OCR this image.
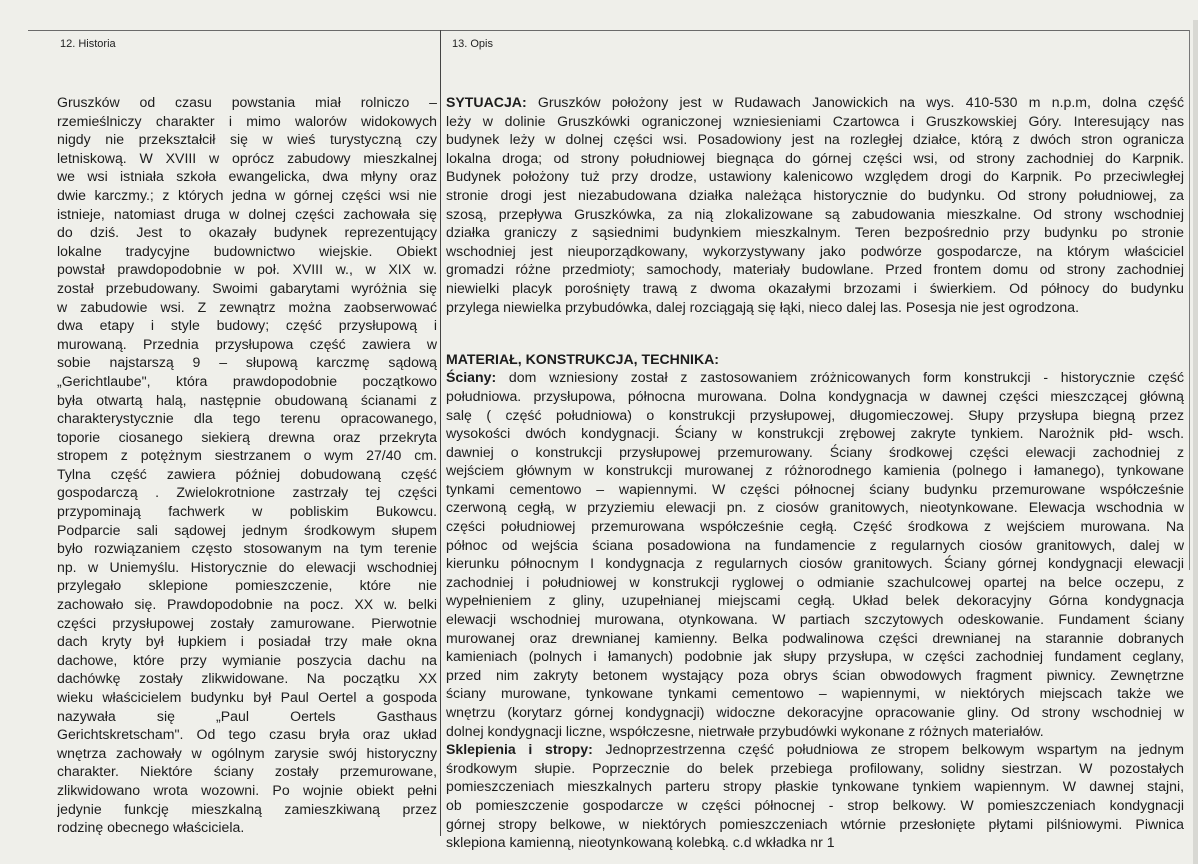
12. Historia	13. Opis
Gruszków od czasu powstania miał rolniczo –
rzemieślniczy charakter i mimo walorów widokowych
nigdy nie przekształcił się w wieś turystyczną czy
letniskową. W XVIII w oprócz zabudowy mieszkalnej
we wsi istniała szkoła ewangelicka, dwa młyny oraz
dwie karczmy.; z których jedna w górnej części wsi nie
istnieje, natomiast druga w dolnej części zachowała się
do dziś. Jest to okazały budynek reprezentujący
lokalne tradycyjne budownictwo wiejskie. Obiekt
powstał prawdopodobnie w poł. XVIII w., w XIX w.
został przebudowany. Swoimi gabarytami wyróżnia się
w zabudowie wsi. Z zewnątrz można zaobserwować
dwa etapy i style budowy; część przysłupową i
murowaną. Przednia przysłupowa część zawiera w
sobie najstarszą 9 – słupową karczmę sądową
„Gerichtlaube", która prawdopodobnie początkowo
była otwartą halą, następnie obudowaną ścianami z
charakterystycznie dla tego terenu opracowanego,
toporie ciosanego siekierą drewna oraz przekryta
stropem z potężnym siestrzanem o wym 27/40 cm.
Tylna część zawiera później dobudowaną część
gospodarczą . Zwielokrotnione zastrzały tej części
przypominają fachwerk w pobliskim Bukowcu.
Podparcie sali sądowej jednym środkowym słupem
było rozwiązaniem często stosowanym na tym terenie
np. w Uniemyślu. Historycznie do elewacji wschodniej
przylegało sklepione pomieszczenie, które nie
zachowało się. Prawdopodobnie na pocz. XX w. belki
części przysłupowej zostały zamurowane. Pierwotnie
dach kryty był łupkiem i posiadał trzy małe okna
dachowe, które przy wymianie poszycia dachu na
dachówkę zostały zlikwidowane. Na początku XX
wieku właścicielem budynku był Paul Oertel a gospoda
nazywała się „Paul Oertels Gasthaus
Gerichtskretscham". Od tego czasu bryła oraz układ
wnętrza zachowały w ogólnym zarysie swój historyczny
charakter. Niektóre ściany zostały przemurowane,
zlikwidowano wrota wozowni. Po wojnie obiekt pełni
jedynie funkcję mieszkalną zamieszkiwaną przez
rodzinę obecnego właściciela.
SYTUACJA: Gruszków położony jest w Rudawach Janowickich na wys. 410-530 m n.p.m, dolna część
leży w dolinie Gruszkówki ograniczonej wzniesieniami Czartowca i Gruszkowskiej Góry. Interesujący nas
budynek leży w dolnej części wsi. Posadowiony jest na rozległej działce, którą z dwóch stron ogranicza
lokalna droga; od strony południowej biegnąca do górnej części wsi, od strony zachodniej do Karpnik.
Budynek położony tuż przy drodze, ustawiony kalenicowo względem drogi do Karpnik. Po przeciwległej
stronie drogi jest niezabudowana działka należąca historycznie do budynku. Od strony południowej, za
szosą, przepływa Gruszkówka, za nią zlokalizowane są zabudowania mieszkalne. Od strony wschodniej
działka graniczy z sąsiednimi budynkiem mieszkalnym. Teren bezpośrednio przy budynku po stronie
wschodniej jest nieuporządkowany, wykorzystywany jako podwórze gospodarcze, na którym właściciel
gromadzi różne przedmioty; samochody, materiały budowlane. Przed frontem domu od strony zachodniej
niewielki placyk porośnięty trawą z dwoma okazałymi brzozami i świerkiem. Od północy do budynku
przylega niewielka przybudówka, dalej rozciągają się łąki, nieco dalej las. Posesja nie jest ogrodzona.
MATERIAŁ, KONSTRUKCJA, TECHNIKA:
Ściany: dom wzniesiony został z zastosowaniem zróżnicowanych form konstrukcji - historycznie część
południowa. przysłupowa, północna murowana. Dolna kondygnacja w dawnej części mieszczącej główną
salę ( część południowa) o konstrukcji przysłupowej, długomieczowej. Słupy przysłupa biegną przez
wysokości dwóch kondygnacji. Ściany w konstrukcji zrębowej zakryte tynkiem. Narożnik płd- wsch.
dawniej o konstrukcji przysłupowej przemurowany. Ściany środkowej części elewacji zachodniej z
wejściem głównym w konstrukcji murowanej z różnorodnego kamienia (polnego i łamanego), tynkowane
tynkami cementowo – wapiennymi. W części północnej ściany budynku przemurowane współcześnie
czerwoną cegłą, w przyziemiu elewacji pn. z ciosów granitowych, nieotynkowane. Elewacja wschodnia w
części południowej przemurowana współcześnie cegłą. Część środkowa z wejściem murowana. Na
północ od wejścia ściana posadowiona na fundamencie z regularnych ciosów granitowych, dalej w
kierunku północnym I kondygnacja z regularnych ciosów granitowych. Ściany górnej kondygnacji elewacji
zachodniej i południowej w konstrukcji ryglowej o odmianie szachulcowej opartej na belce oczepu, z
wypełnieniem z gliny, uzupełnianej miejscami cegłą. Układ belek dekoracyjny Górna kondygnacja
elewacji wschodniej murowana, otynkowana. W partiach szczytowych odeskowanie. Fundament ściany
murowanej oraz drewnianej kamienny. Belka podwalinowa części drewnianej na starannie dobranych
kamieniach (polnych i łamanych) podobnie jak słupy przysłupa, w części zachodniej fundament ceglany,
przed nim zakryty betonem wystający poza obrys ścian obwodowych fragment piwnicy. Zewnętrzne
ściany murowane, tynkowane tynkami cementowo – wapiennymi, w niektórych miejscach także we
wnętrzu (korytarz górnej kondygnacji) widoczne dekoracyjne opracowanie gliny. Od strony wschodniej w
dolnej kondygnacji liczne, współczesne, nietrwałe przybudówki wykonane z różnych materiałów.
Sklepienia i stropy: Jednoprzestrzenna część południowa ze stropem belkowym wspartym na jednym
środkowym słupie. Poprzecznie do belek przebiega profilowany, solidny siestrzan. W pozostałych
pomieszczeniach mieszkalnych parteru stropy płaskie tynkowane tynkiem wapiennym. W dawnej stajni,
ob pomieszczenie gospodarcze w części północnej - strop belkowy. W pomieszczeniach kondygnacji
górnej stropy belkowe, w niektórych pomieszczeniach wtórnie przesłonięte płytami pilśniowymi. Piwnica
sklepiona kamienną, nieotynkowaną kolebką. c.d wkładka nr 1
